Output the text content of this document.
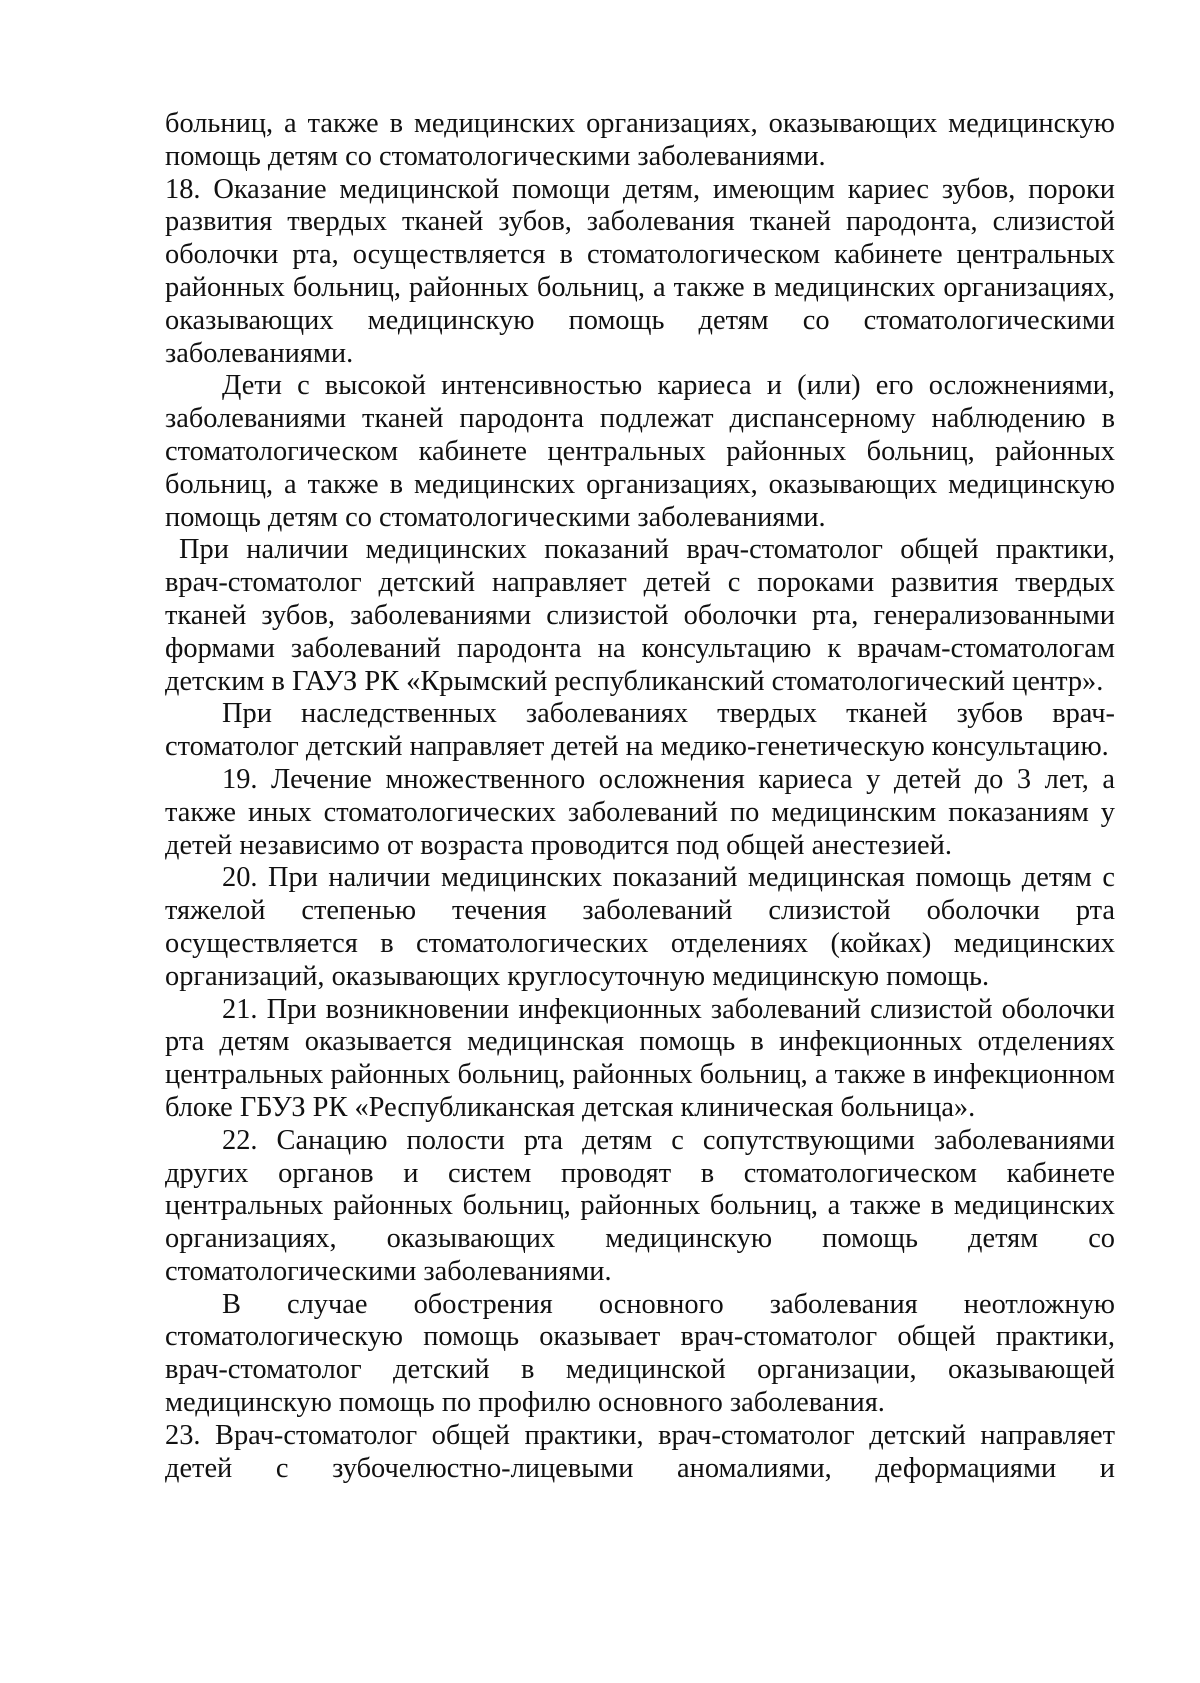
больниц, а также в медицинских организациях, оказывающих медицинскую помощь детям со стоматологическими заболеваниями.

18. Оказание медицинской помощи детям, имеющим кариес зубов, пороки развития твердых тканей зубов, заболевания тканей пародонта, слизистой оболочки рта, осуществляется в стоматологическом кабинете центральных районных больниц, районных больниц, а также в медицинских организациях, оказывающих медицинскую помощь детям со стоматологическими заболеваниями.

Дети с высокой интенсивностью кариеса и (или) его осложнениями, заболеваниями тканей пародонта подлежат диспансерному наблюдению в стоматологическом кабинете центральных районных больниц, районных больниц, а также в медицинских организациях, оказывающих медицинскую помощь детям со стоматологическими заболеваниями.

При наличии медицинских показаний врач-стоматолог общей практики, врач-стоматолог детский направляет детей с пороками развития твердых тканей зубов, заболеваниями слизистой оболочки рта, генерализованными формами заболеваний пародонта на консультацию к врачам-стоматологам детским в ГАУЗ РК «Крымский республиканский стоматологический центр».

При наследственных заболеваниях твердых тканей зубов врач-стоматолог детский направляет детей на медико-генетическую консультацию.

19. Лечение множественного осложнения кариеса у детей до 3 лет, а также иных стоматологических заболеваний по медицинским показаниям у детей независимо от возраста проводится под общей анестезией.

20. При наличии медицинских показаний медицинская помощь детям с тяжелой степенью течения заболеваний слизистой оболочки рта осуществляется в стоматологических отделениях (койках) медицинских организаций, оказывающих круглосуточную медицинскую помощь.

21. При возникновении инфекционных заболеваний слизистой оболочки рта детям оказывается медицинская помощь в инфекционных отделениях центральных районных больниц, районных больниц, а также в инфекционном блоке ГБУЗ РК «Республиканская детская клиническая больница».

22. Санацию полости рта детям с сопутствующими заболеваниями других органов и систем проводят в стоматологическом кабинете центральных районных больниц, районных больниц, а также в медицинских организациях, оказывающих медицинскую помощь детям со стоматологическими заболеваниями.

В случае обострения основного заболевания неотложную стоматологическую помощь оказывает врач-стоматолог общей практики, врач-стоматолог детский в медицинской организации, оказывающей медицинскую помощь по профилю основного заболевания.

23. Врач-стоматолог общей практики, врач-стоматолог детский направляет детей с зубочелюстно-лицевыми аномалиями, деформациями и
